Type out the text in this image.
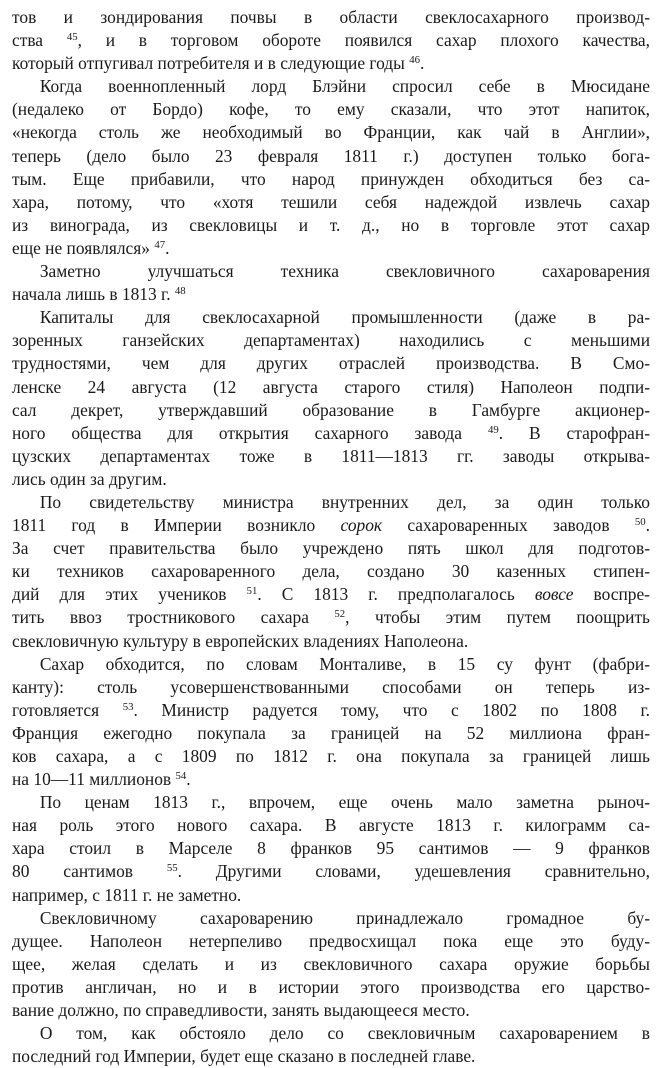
тов и зондирования почвы в области свеклосахарного производ-
ства $^{45}$, и в торговом обороте появился сахар плохого качества,
который отпугивал потребителя и в следующие годы $^{46}$.

Когда военнопленный лорд Блэйни спросил себе в Мюсидане
(недалеко от Бордо) кофе, то ему сказали, что этот напиток,
«некогда столь же необходимый во Франции, как чай в Англии»,
теперь (дело было 23 февраля 1811 г.) доступен только бога-
тым. Еще прибавили, что народ принужден обходиться без са-
хара, потому, что «хотя тешили себя надеждой извлечь сахар
из винограда, из свекловицы и т. д., но в торговле этот сахар
еще не появлялся» $^{47}$.

Заметно улучшаться техника свекловичного сахароварения
начала лишь в 1813 г. $^{48}$

Капиталы для свеклосахарной промышленности (даже в ра-
зоренных ганзейских департаментах) находились с меньшими
трудностями, чем для других отраслей производства. В Смо-
ленске 24 августа (12 августа старого стиля) Наполеон подпи-
сал декрет, утверждавший образование в Гамбурге акционер-
ного общества для открытия сахарного завода $^{49}$. В старофран-
цузских департаментах тоже в 1811—1813 гг. заводы открыва-
лись один за другим.

По свидетельству министра внутренних дел, за один только
1811 год в Империи возникло сорок сахароваренных заводов $^{50}$.
За счет правительства было учреждено пять школ для подготов-
ки техников сахароваренного дела, создано 30 казенных стипен-
дий для этих учеников $^{51}$. С 1813 г. предполагалось вовсе воспре-
тить ввоз тростникового сахара $^{52}$, чтобы этим путем поощрить
свекловичную культуру в европейских владениях Наполеона.

Сахар обходится, по словам Монталиве, в 15 су фунт (фабри-
канту): столь усовершенствованными способами он теперь из-
готовляется $^{53}$. Министр радуется тому, что с 1802 по 1808 г.
Франция ежегодно покупала за границей на 52 миллиона фран-
ков сахара, а с 1809 по 1812 г. она покупала за границей лишь
на 10—11 миллионов $^{54}$.

По ценам 1813 г., впрочем, еще очень мало заметна рыноч-
ная роль этого нового сахара. В августе 1813 г. килограмм са-
хара стоил в Марселе 8 франков 95 сантимов — 9 франков
80 сантимов $^{55}$. Другими словами, удешевления сравнительно,
например, с 1811 г. не заметно.

Свекловичному сахароварению принадлежало громадное бу-
дущее. Наполеон нетерпеливо предвосхищал пока еще это буду-
щее, желая сделать и из свекловичного сахара оружие борьбы
против англичан, но и в истории этого производства его царство-
вание должно, по справедливости, занять выдающееся место.

О том, как обстояло дело со свекловичным сахароварением в
последний год Империи, будет еще сказано в последней главе.
